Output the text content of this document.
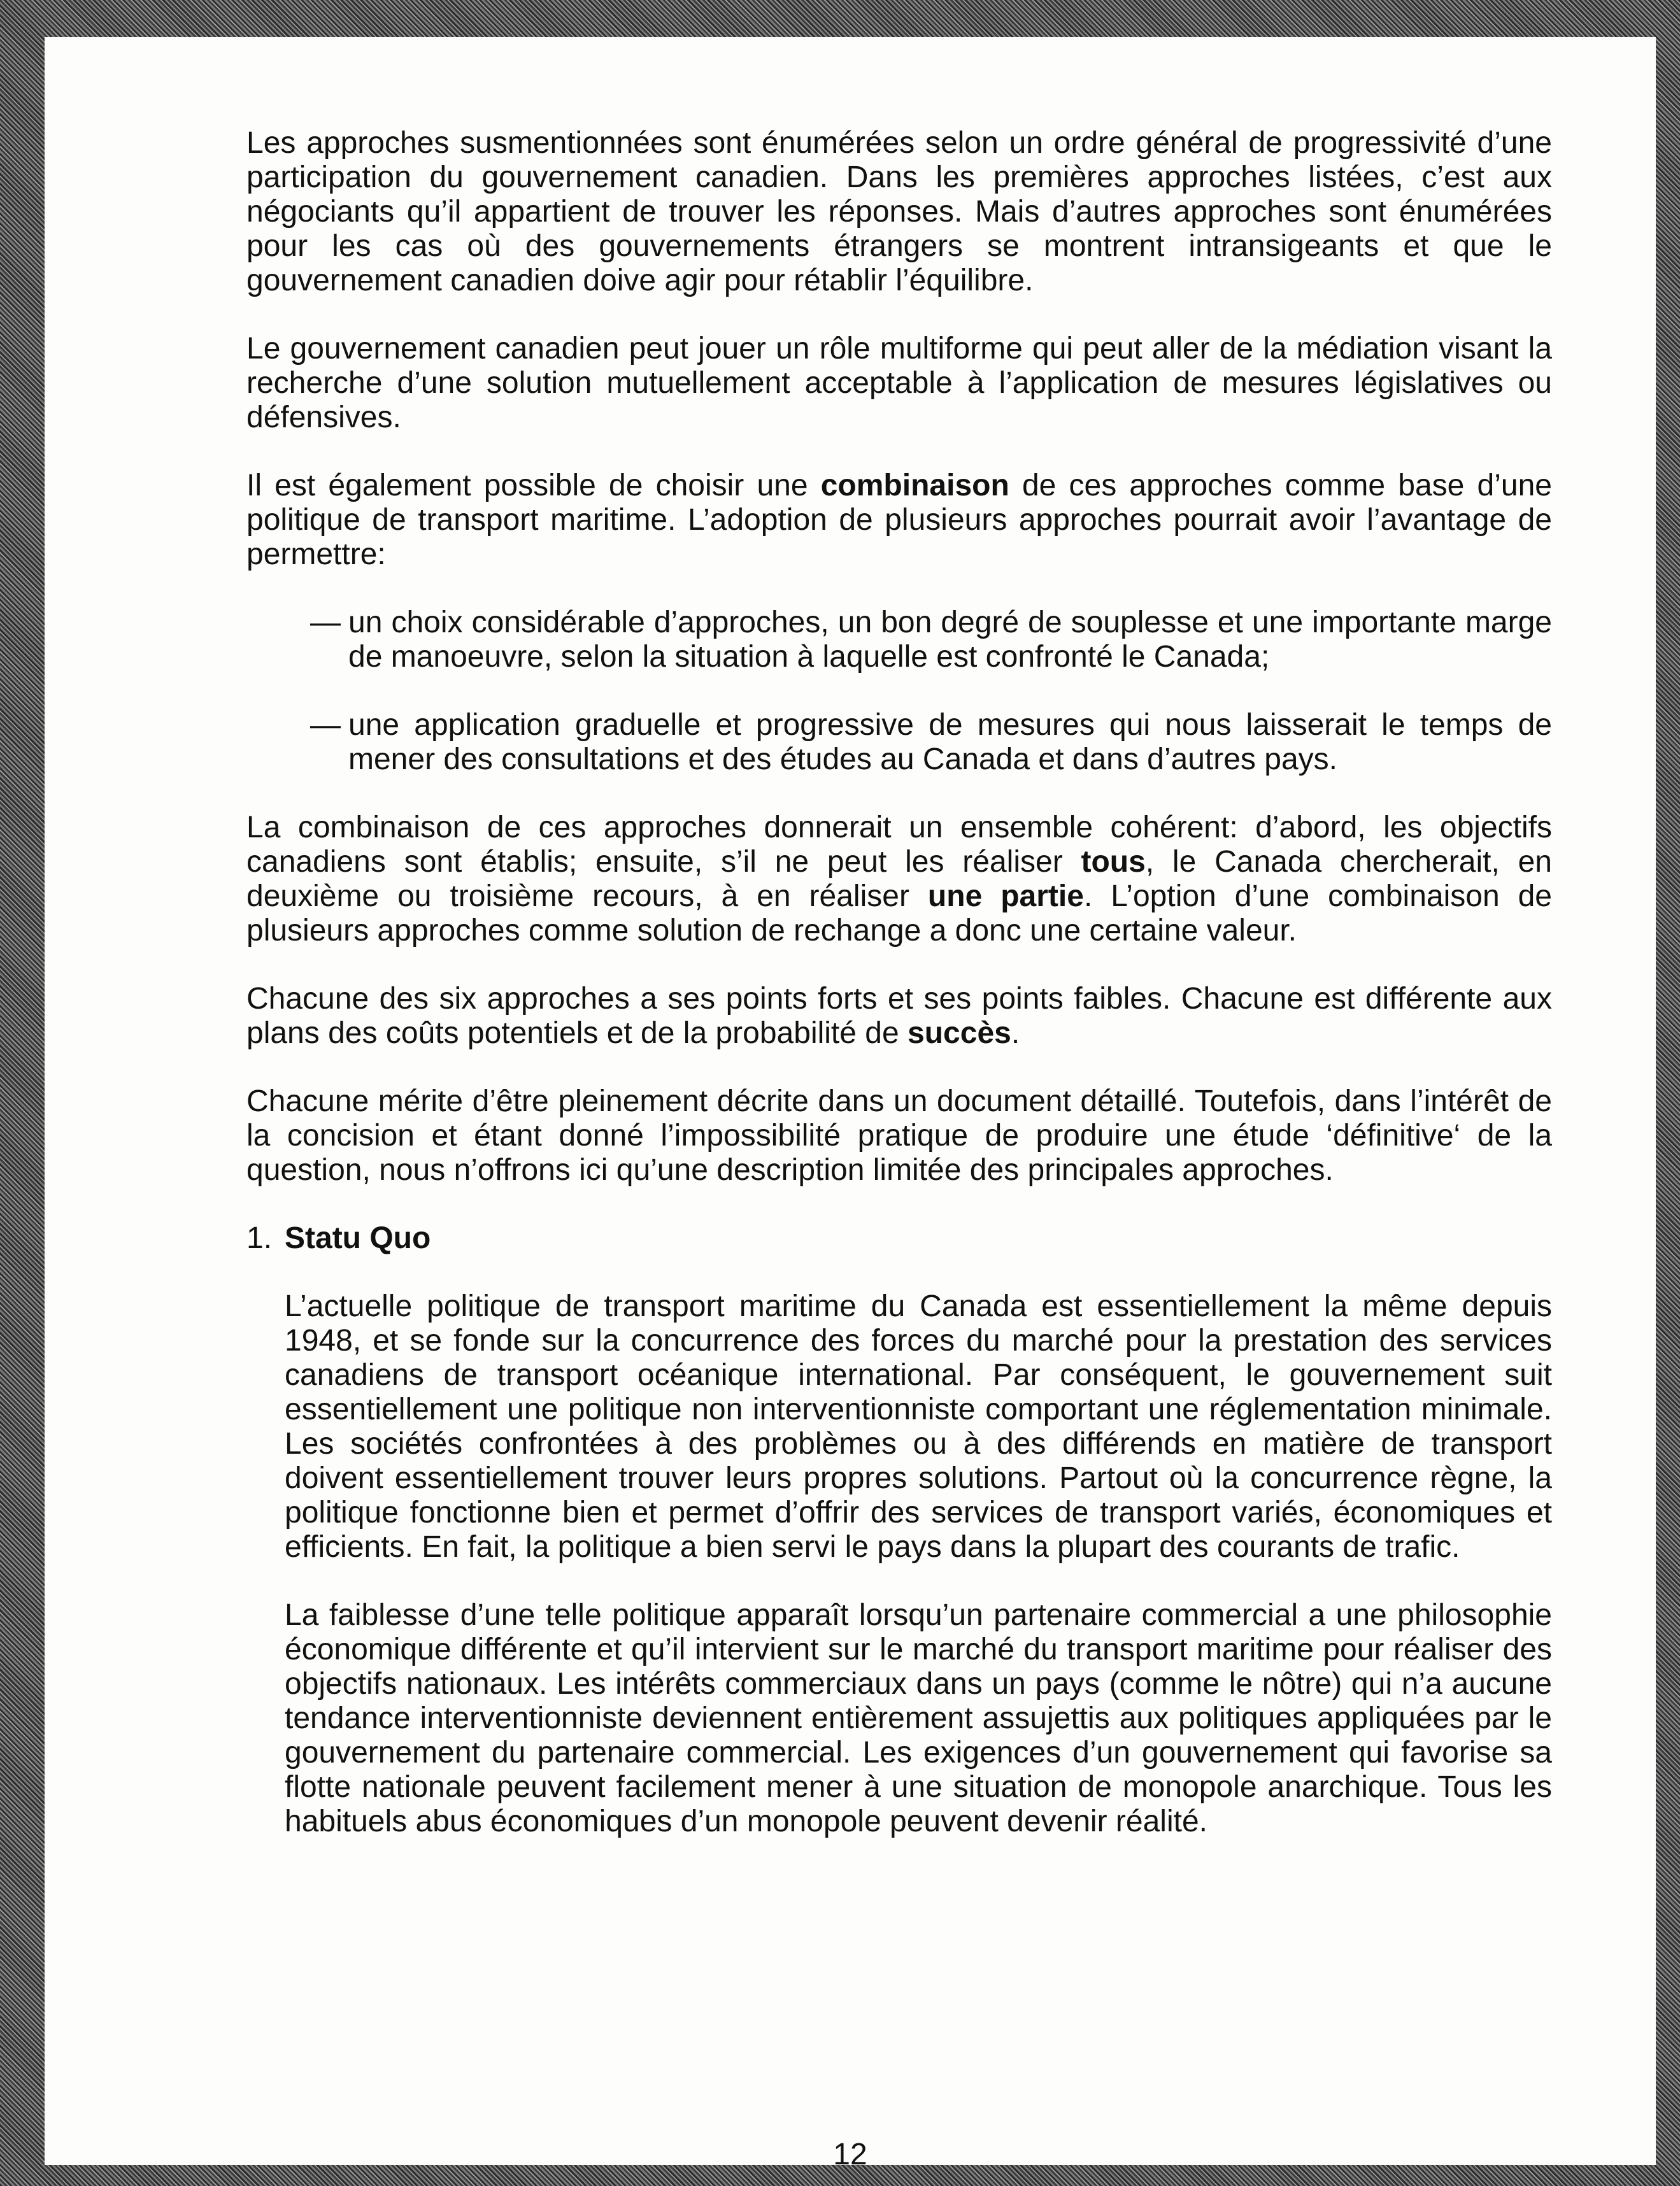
Les approches susmentionnées sont énumérées selon un ordre général de progressivité d’une participation du gouvernement canadien. Dans les premières approches listées, c’est aux négociants qu’il appartient de trouver les réponses. Mais d’autres approches sont énumérées pour les cas où des gouvernements étrangers se montrent intransigeants et que le gouvernement canadien doive agir pour rétablir l’équilibre.

Le gouvernement canadien peut jouer un rôle multiforme qui peut aller de la médiation visant la recherche d’une solution mutuellement acceptable à l’application de mesures législatives ou défensives.

Il est également possible de choisir une combinaison de ces approches comme base d’une politique de transport maritime. L’adoption de plusieurs approches pourrait avoir l’avantage de permettre:

— un choix considérable d’approches, un bon degré de souplesse et une importante marge de manoeuvre, selon la situation à laquelle est confronté le Canada;
— une application graduelle et progressive de mesures qui nous laisserait le temps de mener des consultations et des études au Canada et dans d’autres pays.

La combinaison de ces approches donnerait un ensemble cohérent: d’abord, les objectifs canadiens sont établis; ensuite, s’il ne peut les réaliser tous, le Canada chercherait, en deuxième ou troisième recours, à en réaliser une partie. L’option d’une combinaison de plusieurs approches comme solution de rechange a donc une certaine valeur.

Chacune des six approches a ses points forts et ses points faibles. Chacune est différente aux plans des coûts potentiels et de la probabilité de succès.

Chacune mérite d’être pleinement décrite dans un document détaillé. Toutefois, dans l’intérêt de la concision et étant donné l’impossibilité pratique de produire une étude ‘définitive‘ de la question, nous n’offrons ici qu’une description limitée des principales approches.

1. Statu Quo

L’actuelle politique de transport maritime du Canada est essentiellement la même depuis 1948, et se fonde sur la concurrence des forces du marché pour la prestation des services canadiens de transport océanique international. Par conséquent, le gouvernement suit essentiellement une politique non interventionniste comportant une réglementation minimale. Les sociétés confrontées à des problèmes ou à des différends en matière de transport doivent essentiellement trouver leurs propres solutions. Partout où la concurrence règne, la politique fonctionne bien et permet d’offrir des services de transport variés, économiques et efficients. En fait, la politique a bien servi le pays dans la plupart des courants de trafic.

La faiblesse d’une telle politique apparaît lorsqu’un partenaire commercial a une philosophie économique différente et qu’il intervient sur le marché du transport maritime pour réaliser des objectifs nationaux. Les intérêts commerciaux dans un pays (comme le nôtre) qui n’a aucune tendance interventionniste deviennent entièrement assujettis aux politiques appliquées par le gouvernement du partenaire commercial. Les exigences d’un gouvernement qui favorise sa flotte nationale peuvent facilement mener à une situation de monopole anarchique. Tous les habituels abus économiques d’un monopole peuvent devenir réalité.

12
